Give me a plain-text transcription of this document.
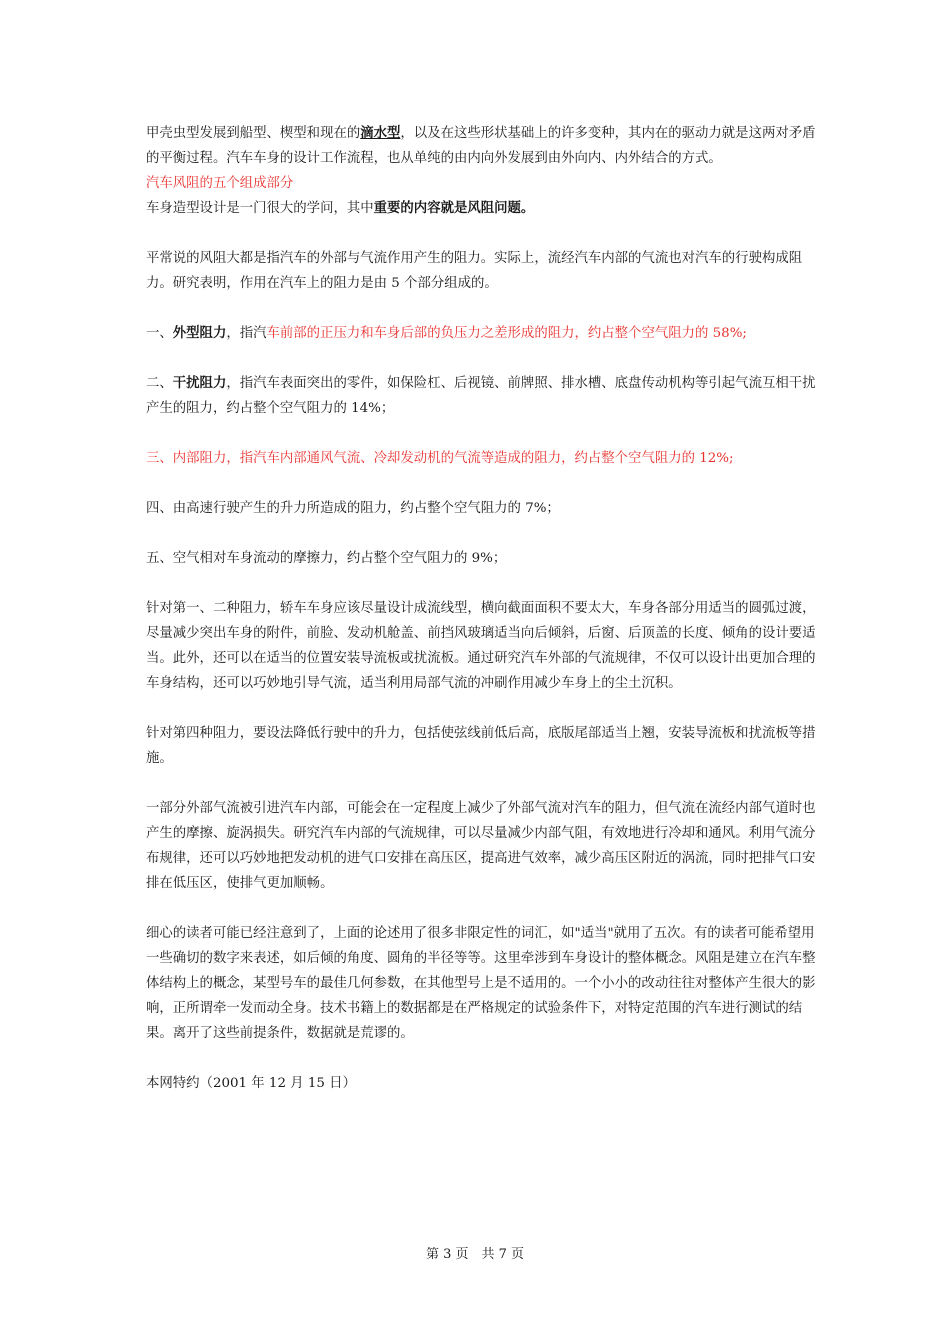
甲壳虫型发展到船型、楔型和现在的滴水型，以及在这些形状基础上的许多变种，其内在的驱动力就是这两对矛盾的平衡过程。汽车车身的设计工作流程，也从单纯的由内向外发展到由外向内、内外结合的方式。

汽车风阻的五个组成部分

车身造型设计是一门很大的学问，其中重要的内容就是风阻问题。

平常说的风阻大都是指汽车的外部与气流作用产生的阻力。实际上，流经汽车内部的气流也对汽车的行驶构成阻力。研究表明，作用在汽车上的阻力是由 5 个部分组成的。

一、外型阻力，指汽车前部的正压力和车身后部的负压力之差形成的阻力，约占整个空气阻力的 58%;

二、干扰阻力，指汽车表面突出的零件，如保险杠、后视镜、前牌照、排水槽、底盘传动机构等引起气流互相干扰产生的阻力，约占整个空气阻力的 14%；

三、内部阻力，指汽车内部通风气流、冷却发动机的气流等造成的阻力，约占整个空气阻力的 12%;

四、由高速行驶产生的升力所造成的阻力，约占整个空气阻力的 7%；

五、空气相对车身流动的摩擦力，约占整个空气阻力的 9%；

针对第一、二种阻力，轿车车身应该尽量设计成流线型，横向截面面积不要太大，车身各部分用适当的圆弧过渡，尽量减少突出车身的附件，前脸、发动机舱盖、前挡风玻璃适当向后倾斜，后窗、后顶盖的长度、倾角的设计要适当。此外，还可以在适当的位置安装导流板或扰流板。通过研究汽车外部的气流规律，不仅可以设计出更加合理的车身结构，还可以巧妙地引导气流，适当利用局部气流的冲刷作用减少车身上的尘土沉积。

针对第四种阻力，要设法降低行驶中的升力，包括使弦线前低后高，底版尾部适当上翘，安装导流板和扰流板等措施。

一部分外部气流被引进汽车内部，可能会在一定程度上减少了外部气流对汽车的阻力，但气流在流经内部气道时也产生的摩擦、旋涡损失。研究汽车内部的气流规律，可以尽量减少内部气阻，有效地进行冷却和通风。利用气流分布规律，还可以巧妙地把发动机的进气口安排在高压区，提高进气效率，减少高压区附近的涡流，同时把排气口安排在低压区，使排气更加顺畅。

细心的读者可能已经注意到了，上面的论述用了很多非限定性的词汇，如"适当"就用了五次。有的读者可能希望用一些确切的数字来表述，如后倾的角度、圆角的半径等等。这里牵涉到车身设计的整体概念。风阻是建立在汽车整体结构上的概念，某型号车的最佳几何参数，在其他型号上是不适用的。一个小小的改动往往对整体产生很大的影响，正所谓牵一发而动全身。技术书籍上的数据都是在严格规定的试验条件下，对特定范围的汽车进行测试的结果。离开了这些前提条件，数据就是荒谬的。

本网特约（2001 年 12 月 15 日）

第 3 页　共 7 页
